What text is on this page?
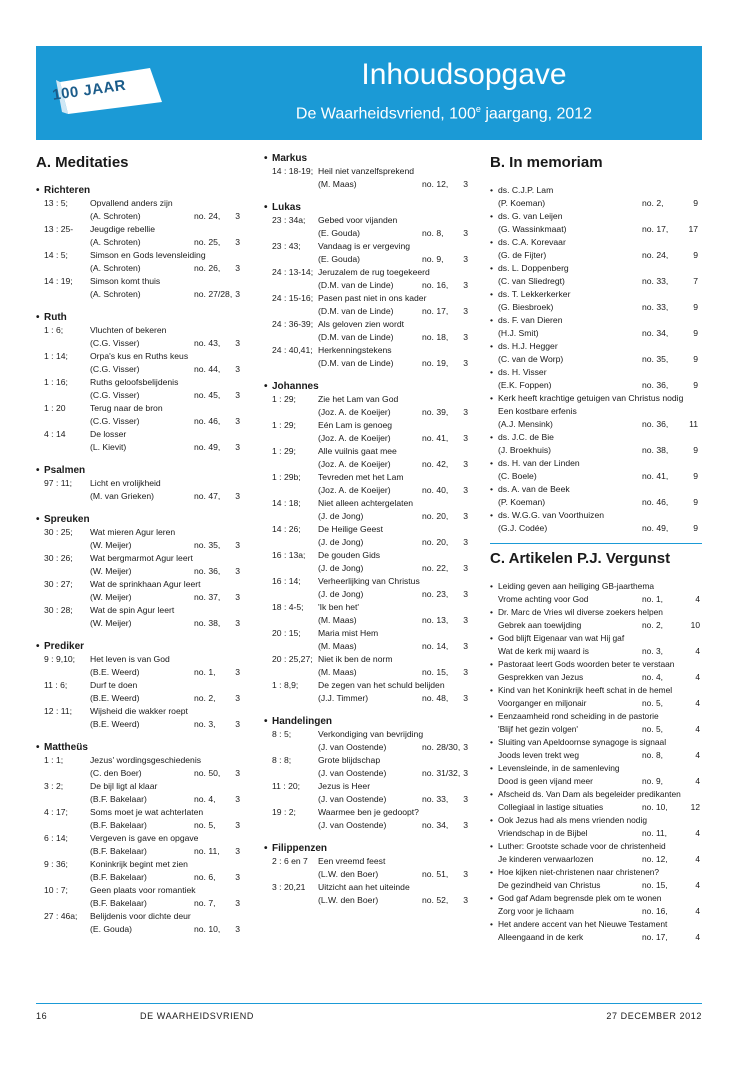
100 JAAR	Inhoudsopgave
De Waarheidsvriend, 100e jaargang, 2012
A. Meditaties
• Richteren
13 : 5;	Opvallend anders zijn
(A. Schroten)	no. 24, 3
13 : 25- Jeugdige rebellie
(A. Schroten)	no. 25, 3
14 : 5;	Simson en Gods levensleiding
(A. Schroten)	no. 26, 3
14 : 19; Simson komt thuis
(A. Schroten)	no. 27/28, 3
• Ruth
1 : 6;	Vluchten of bekeren
(C.G. Visser)	no. 43, 3
1 : 14;	Orpa's kus en Ruths keus
(C.G. Visser)	no. 44, 3
1 : 16;	Ruths geloofsbelijdenis
(C.G. Visser)	no. 45, 3
1 : 20	Terug naar de bron
(C.G. Visser)	no. 46, 3
4 : 14	De losser
(L. Kievit)	no. 49, 3
• Psalmen
97 : 11; Licht en vrolijkheid
(M. van Grieken)	no. 47, 3
• Spreuken
30 : 25; Wat mieren Agur leren
(W. Meijer)	no. 35, 3
30 : 26; Wat bergmarmot Agur leert
(W. Meijer)	no. 36, 3
30 : 27; Wat de sprinkhaan Agur leert
(W. Meijer)	no. 37, 3
30 : 28; Wat de spin Agur leert
(W. Meijer)	no. 38, 3
• Prediker
9 : 9,10; Het leven is van God
(B.E. Weerd)	no. 1, 3
11 : 6;	Durf te doen
(B.E. Weerd)	no. 2, 3
12 : 11; Wijsheid die wakker roept
(B.E. Weerd)	no. 3, 3
• Mattheüs
1 : 1;	Jezus' wordingsgeschiedenis
(C. den Boer)	no. 50, 3
3 : 2;	De bijl ligt al klaar
(B.F. Bakelaar)	no. 4, 3
4 : 17;	Soms moet je wat achterlaten
(B.F. Bakelaar)	no. 5, 3
6 : 14;	Vergeven is gave en opgave
(B.F. Bakelaar)	no. 11, 3
9 : 36;	Koninkrijk begint met zien
(B.F. Bakelaar)	no. 6, 3
10 : 7;	Geen plaats voor romantiek
(B.F. Bakelaar)	no. 7, 3
27 : 46a; Belijdenis voor dichte deur
(E. Gouda)	no. 10, 3
• Markus
14 : 18-19; Heil niet vanzelfsprekend
(M. Maas)	no. 12, 3
• Lukas
23 : 34a; Gebed voor vijanden
(E. Gouda)	no. 8, 3
23 : 43; Vandaag is er vergeving
(E. Gouda)	no. 9, 3
24 : 13-14; Jeruzalem de rug toegekeerd
(D.M. van de Linde)	no. 16, 3
24 : 15-16; Pasen past niet in ons kader
(D.M. van de Linde)	no. 17, 3
24 : 36-39; Als geloven zien wordt
(D.M. van de Linde)	no. 18, 3
24 : 40,41; Herkenningstekens
(D.M. van de Linde)	no. 19, 3
• Johannes
1 : 29;	Zie het Lam van God
(Joz. A. de Koeijer)	no. 39, 3
1 : 29;	Eén Lam is genoeg
(Joz. A. de Koeijer)	no. 41, 3
1 : 29;	Alle vuilnis gaat mee
(Joz. A. de Koeijer)	no. 42, 3
1 : 29b; Tevreden met het Lam
(Joz. A. de Koeijer)	no. 40, 3
14 : 18; Niet alleen achtergelaten
(J. de Jong)	no. 20, 3
14 : 26; De Heilige Geest
(J. de Jong)	no. 20, 3
16 : 13a; De gouden Gids
(J. de Jong)	no. 22, 3
16 : 14; Verheerlijking van Christus
(J. de Jong)	no. 23, 3
18 : 4-5; 'Ik ben het'
(M. Maas)	no. 13, 3
20 : 15; Maria mist Hem
(M. Maas)	no. 14, 3
20 : 25,27; Niet ik ben de norm
(M. Maas)	no. 15, 3
1 : 8,9; De zegen van het schuld belijden
(J.J. Timmer)	no. 48, 3
• Handelingen
8 : 5;	Verkondiging van bevrijding
(J. van Oostende)	no. 28/30, 3
8 : 8;	Grote blijdschap
(J. van Oostende)	no. 31/32, 3
11 : 20; Jezus is Heer
(J. van Oostende)	no. 33, 3
19 : 2;	Waarmee ben je gedoopt?
(J. van Oostende)	no. 34, 3
• Filippenzen
2 : 6 en 7 Een vreemd feest
(L.W. den Boer)	no. 51, 3
3 : 20,21 Uitzicht aan het uiteinde
(L.W. den Boer)	no. 52, 3
B. In memoriam
• ds. C.J.P. Lam
(P. Koeman)	no. 2,	9
• ds. G. van Leijen
(G. Wassinkmaat)	no. 17, 17
• ds. C.A. Korevaar
(G. de Fijter)	no. 24,	9
• ds. L. Doppenberg
(C. van Sliedregt)	no. 33,	7
• ds. T. Lekkerkerker
(G. Biesbroek)	no. 33,	9
• ds. F. van Dieren
(H.J. Smit)	no. 34,	9
• ds. H.J. Hegger
(C. van de Worp)	no. 35,	9
• ds. H. Visser
(E.K. Foppen)	no. 36,	9
• Kerk heeft krachtige getuigen van Christus nodig
Een kostbare erfenis
(A.J. Mensink)	no. 36, 11
• ds. J.C. de Bie
(J. Broekhuis)	no. 38,	9
• ds. H. van der Linden
(C. Boele)	no. 41,	9
• ds. A. van de Beek
(P. Koeman)	no. 46,	9
• ds. W.G.G. van Voorthuizen
(G.J. Codée)	no. 49,	9
C. Artikelen P.J. Vergunst
• Leiding geven aan heiliging GB-jaarthema
Vrome achting voor God	no. 1,	4
• Dr. Marc de Vries wil diverse zoekers helpen
Gebrek aan toewijding	no. 2,	10
• God blijft Eigenaar van wat Hij gaf
Wat de kerk mij waard is	no. 3,	4
• Pastoraat leert Gods woorden beter te verstaan
Gesprekken van Jezus	no. 4,	4
• Kind van het Koninkrijk heeft schat in de hemel
Voorganger en miljonair	no. 5,	4
• Eenzaamheid rond scheiding in de pastorie
'Blijf het gezin volgen'	no. 5,	4
• Sluiting van Apeldoornse synagoge is signaal
Joods leven trekt weg	no. 8,	4
• Levensleinde, in de samenleving
Dood is geen vijand meer	no. 9,	4
• Afscheid ds. Van Dam als begeleider predikanten
Collegiaal in lastige situaties	no. 10,	12
• Ook Jezus had als mens vrienden nodig
Vriendschap in de Bijbel	no. 11,	4
• Luther: Grootste schade voor de christenheid
Je kinderen verwaarlozen	no. 12,	4
• Hoe kijken niet-christenen naar christenen?
De gezindheid van Christus	no. 15,	4
• God gaf Adam begrensde plek om te wonen
Zorg voor je lichaam	no. 16,	4
• Het andere accent van het Nieuwe Testament
Alleengaand in de kerk	no. 17,	4
16	DE WAARHEIDSVRIEND	27 DECEMBER 2012
